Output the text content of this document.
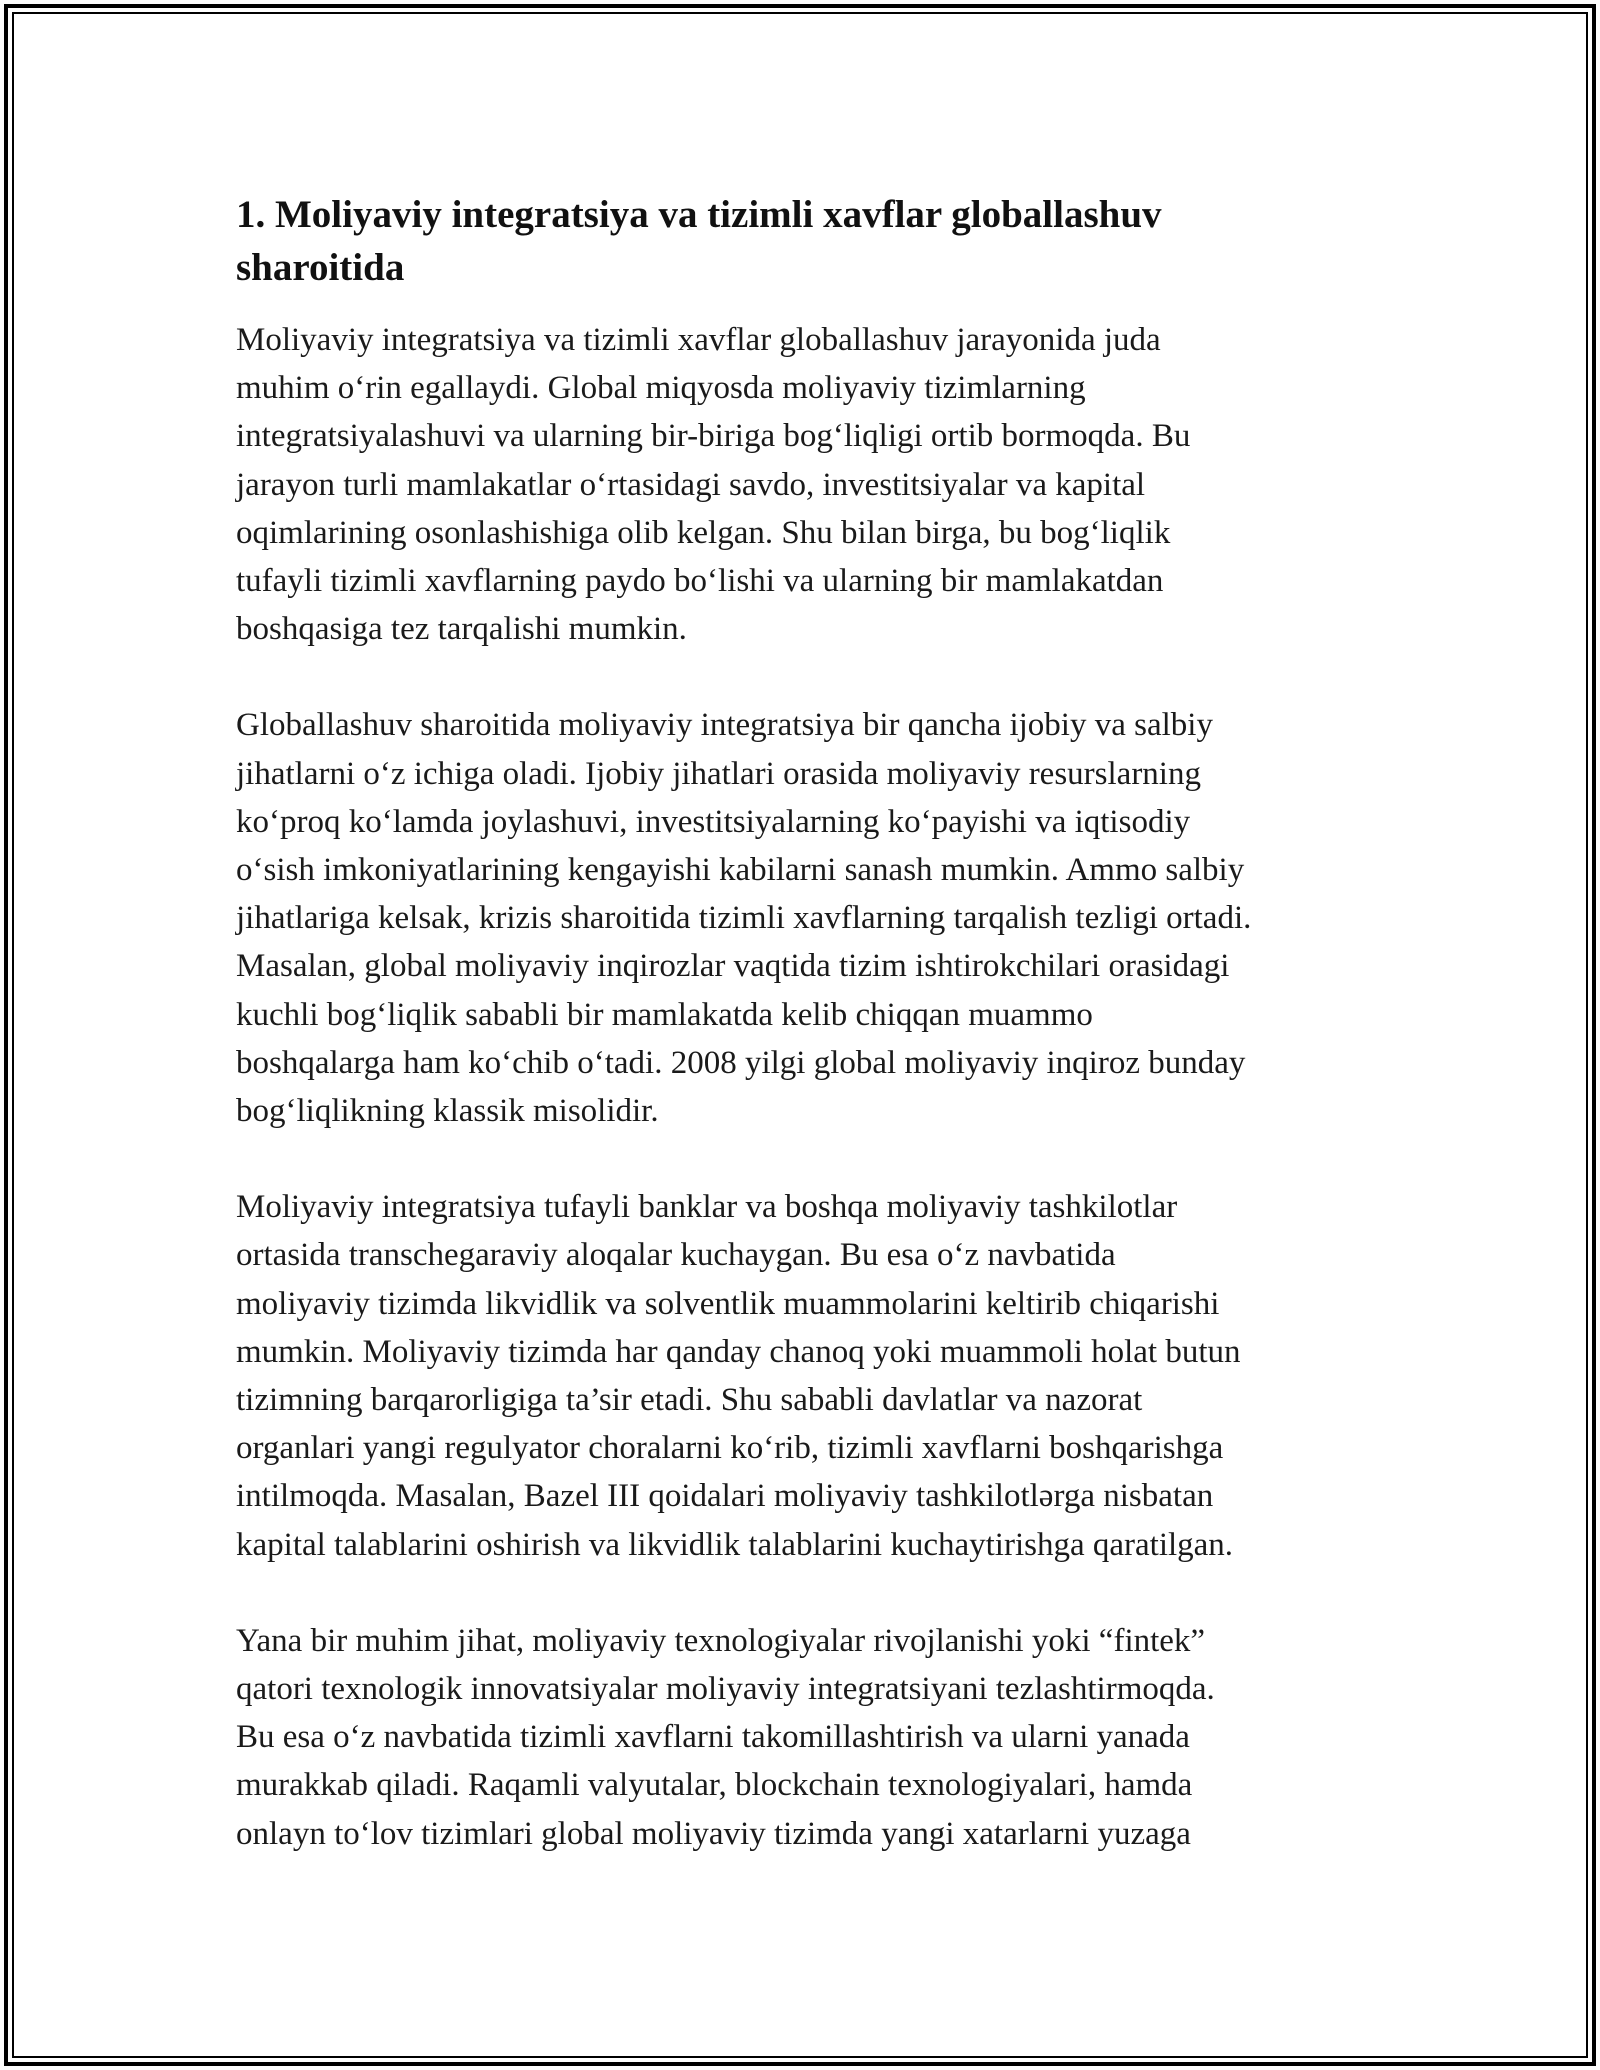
1. Moliyaviy integratsiya va tizimli xavflar globallashuv
sharoitida

Moliyaviy integratsiya va tizimli xavflar globallashuv jarayonida juda
muhim o‘rin egallaydi. Global miqyosda moliyaviy tizimlarning
integratsiyalashuvi va ularning bir-biriga bog‘liqligi ortib bormoqda. Bu
jarayon turli mamlakatlar o‘rtasidagi savdo, investitsiyalar va kapital
oqimlarining osonlashishiga olib kelgan. Shu bilan birga, bu bog‘liqlik
tufayli tizimli xavflarning paydo bo‘lishi va ularning bir mamlakatdan
boshqasiga tez tarqalishi mumkin.

Globallashuv sharoitida moliyaviy integratsiya bir qancha ijobiy va salbiy
jihatlarni o‘z ichiga oladi. Ijobiy jihatlari orasida moliyaviy resurslarning
ko‘proq ko‘lamda joylashuvi, investitsiyalarning ko‘payishi va iqtisodiy
o‘sish imkoniyatlarining kengayishi kabilarni sanash mumkin. Ammo salbiy
jihatlariga kelsak, krizis sharoitida tizimli xavflarning tarqalish tezligi ortadi.
Masalan, global moliyaviy inqirozlar vaqtida tizim ishtirokchilari orasidagi
kuchli bog‘liqlik sababli bir mamlakatda kelib chiqqan muammo
boshqalarga ham ko‘chib o‘tadi. 2008 yilgi global moliyaviy inqiroz bunday
bog‘liqlikning klassik misolidir.

Moliyaviy integratsiya tufayli banklar va boshqa moliyaviy tashkilotlar
ortasida transchegaraviy aloqalar kuchaygan. Bu esa o‘z navbatida
moliyaviy tizimda likvidlik va solventlik muammolarini keltirib chiqarishi
mumkin. Moliyaviy tizimda har qanday chanoq yoki muammoli holat butun
tizimning barqarorligiga ta’sir etadi. Shu sababli davlatlar va nazorat
organlari yangi regulyator choralarni ko‘rib, tizimli xavflarni boshqarishga
intilmoqda. Masalan, Bazel III qoidalari moliyaviy tashkilotlərga nisbatan
kapital talablarini oshirish va likvidlik talablarini kuchaytirishga qaratilgan.

Yana bir muhim jihat, moliyaviy texnologiyalar rivojlanishi yoki “fintek”
qatori texnologik innovatsiyalar moliyaviy integratsiyani tezlashtirmoqda.
Bu esa o‘z navbatida tizimli xavflarni takomillashtirish va ularni yanada
murakkab qiladi. Raqamli valyutalar, blockchain texnologiyalari, hamda
onlayn to‘lov tizimlari global moliyaviy tizimda yangi xatarlarni yuzaga
